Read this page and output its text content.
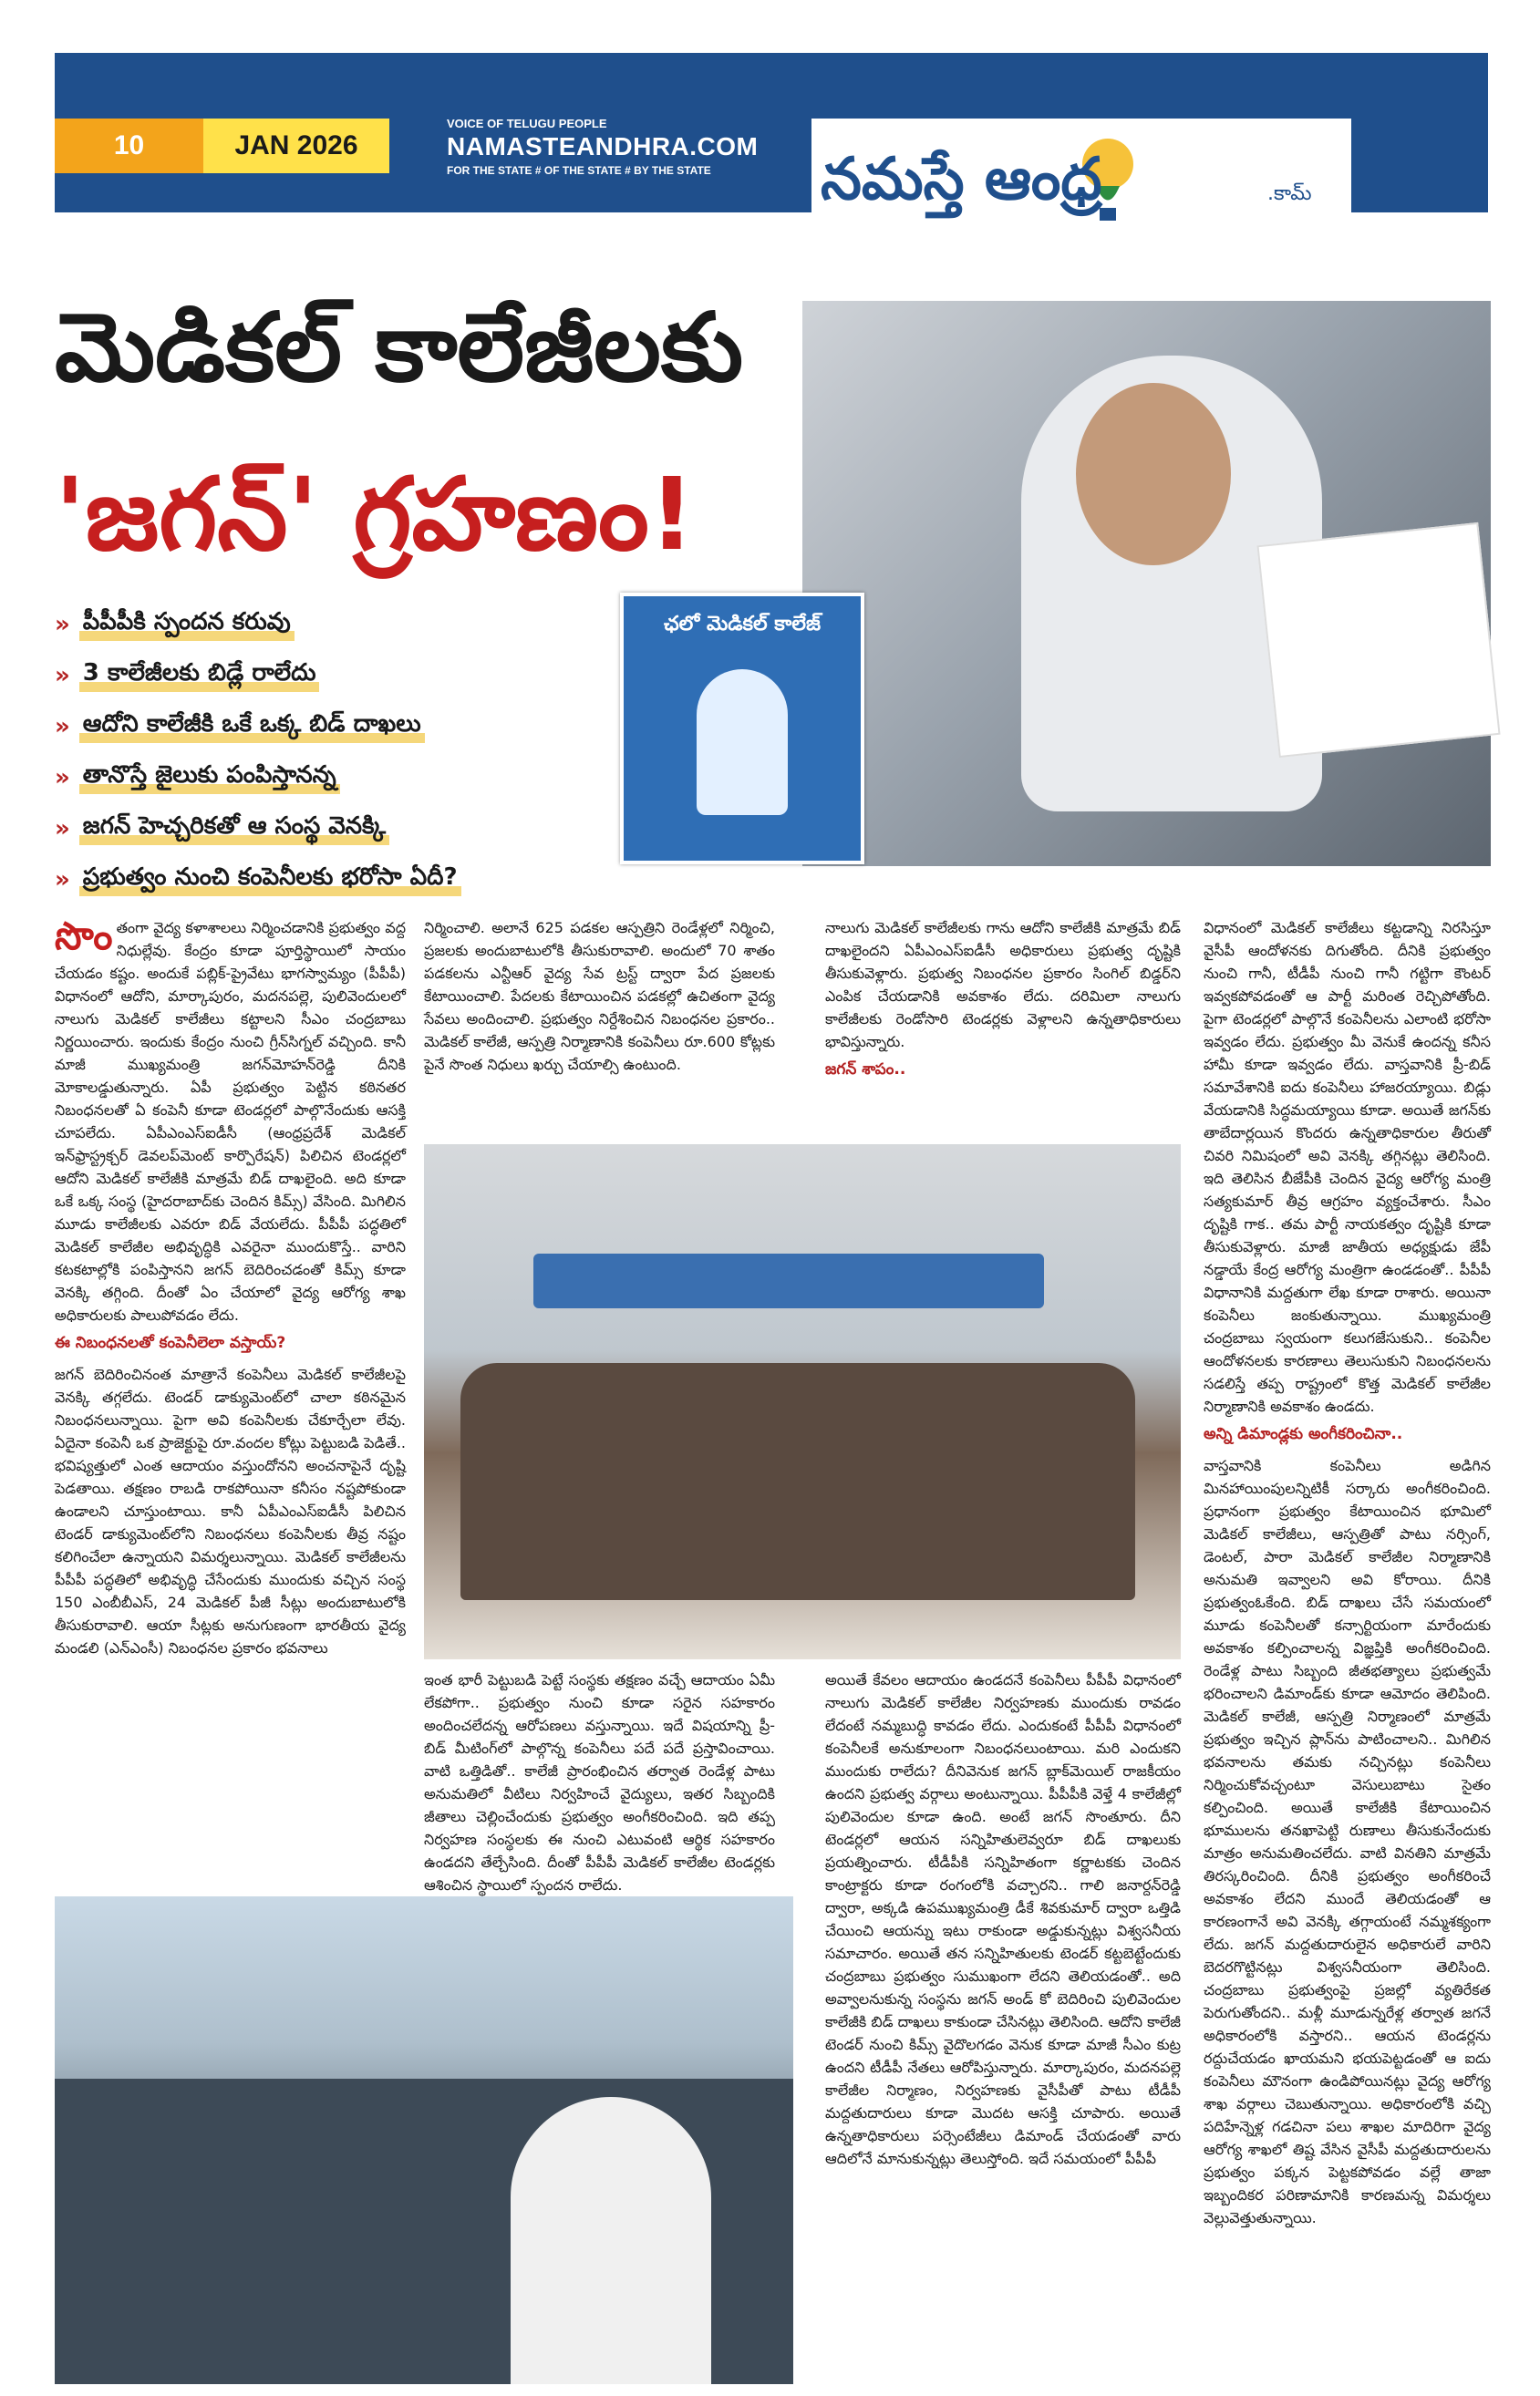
10	JAN 2026
VOICE OF TELUGU PEOPLE
NAMASTEANDHRA.COM
FOR THE STATE # OF THE STATE # BY THE STATE నమస్తే ఆంధ్ర	.కామ్
మెడికల్ కాలేజీలకు
'జగన్' గ్రహణం!
ఛలో మెడికల్ కాలేజ్
» పీపీపీకి స్పందన కరువు
» 3 కాలేజీలకు బిడ్లే రాలేదు
» ఆదోని కాలేజీకి ఒకే ఒక్క బిడ్ దాఖలు
» తానొస్తే జైలుకు పంపిస్తానన్న
» జగన్ హెచ్చరికతో ఆ సంస్థ వెనక్కి
» ప్రభుత్వం నుంచి కంపెనీలకు భరోసా ఏదీ?

సొంతంగా వైద్య కళాశాలలు నిర్మించడానికి ప్రభుత్వం వద్ద నిధుల్లేవు. కేంద్రం కూడా పూర్తిస్థాయిలో సాయం చేయడం కష్టం. అందుకే పబ్లిక్-ప్రైవేటు భాగస్వామ్యం (పీపీపీ) విధానంలో ఆదోని, మార్కాపురం, మదనపల్లె, పులివెందులలో నాలుగు మెడికల్ కాలేజీలు కట్టాలని సీఎం చంద్రబాబు నిర్ణయించారు. ఇందుకు కేంద్రం నుంచి గ్రీన్‌సిగ్నల్ వచ్చింది. కానీ మాజీ ముఖ్యమంత్రి జగన్‌మోహన్‌రెడ్డి దీనికి మోకాలడ్డుతున్నారు. ఏపీ ప్రభుత్వం పెట్టిన కఠినతర నిబంధనలతో ఏ కంపెనీ కూడా టెండర్లలో పాల్గొనేందుకు ఆసక్తి చూపలేదు. ఏపీఎంఎస్ఐడీసీ (ఆంధ్రప్రదేశ్ మెడికల్ ఇన్‌ఫ్రాస్ట్రక్చర్ డెవలప్‌మెంట్ కార్పొరేషన్) పిలిచిన టెండర్లలో ఆదోని మెడికల్ కాలేజీకి మాత్రమే బిడ్ దాఖలైంది. అది కూడా ఒకే ఒక్క సంస్థ (హైదరాబాద్‌కు చెందిన కిమ్స్) వేసింది. మిగిలిన మూడు కాలేజీలకు ఎవరూ బిడ్ వేయలేదు. పీపీపీ పద్ధతిలో మెడికల్ కాలేజీల అభివృద్ధికి ఎవరైనా ముందుకొస్తే.. వారిని కటకటాల్లోకి పంపిస్తానని జగన్ బెదిరించడంతో కిమ్స్ కూడా వెనక్కి తగ్గింది. దీంతో ఏం చేయాలో వైద్య ఆరోగ్య శాఖ అధికారులకు పాలుపోవడం లేదు.

ఈ నిబంధనలతో కంపెనీలెలా వస్తాయ్?

జగన్ బెదిరించినంత మాత్రానే కంపెనీలు మెడికల్ కాలేజీలపై వెనక్కి తగ్గలేదు. టెండర్ డాక్యుమెంట్‌లో చాలా కఠినమైన నిబంధనలున్నాయి. పైగా అవి కంపెనీలకు చేకూర్చేలా లేవు. ఏదైనా కంపెనీ ఒక ప్రాజెక్టుపై రూ.వందల కోట్లు పెట్టుబడి పెడితే.. భవిష్యత్తులో ఎంత ఆదాయం వస్తుందోనని అంచనాపైనే దృష్టి పెడతాయి. తక్షణం రాబడి రాకపోయినా కనీసం నష్టపోకుండా ఉండాలని చూస్తుంటాయి. కానీ ఏపీఎంఎస్ఐడీసీ పిలిచిన టెండర్ డాక్యుమెంట్‌లోని నిబంధనలు కంపెనీలకు తీవ్ర నష్టం కలిగించేలా ఉన్నాయని విమర్శలున్నాయి. మెడికల్ కాలేజీలను పీపీపీ పద్ధతిలో అభివృద్ధి చేసేందుకు ముందుకు వచ్చిన సంస్థ 150 ఎంబీబీఎస్, 24 మెడికల్ పీజీ సీట్లు అందుబాటులోకి తీసుకురావాలి. ఆయా సీట్లకు అనుగుణంగా భారతీయ వైద్య మండలి (ఎన్ఎంసీ) నిబంధనల ప్రకారం భవనాలు

నిర్మించాలి. అలానే 625 పడకల ఆస్పత్రిని రెండేళ్లలో నిర్మించి, ప్రజలకు అందుబాటులోకి తీసుకురావాలి. అందులో 70 శాతం పడకలను ఎన్టీఆర్ వైద్య సేవ ట్రస్ట్ ద్వారా పేద ప్రజలకు కేటాయించాలి. పేదలకు కేటాయించిన పడకల్లో ఉచితంగా వైద్య సేవలు అందించాలి. ప్రభుత్వం నిర్దేశించిన నిబంధనల ప్రకారం.. మెడికల్ కాలేజీ, ఆస్పత్రి నిర్మాణానికి కంపెనీలు రూ.600 కోట్లకు పైనే సొంత నిధులు ఖర్చు చేయాల్సి ఉంటుంది.

నాలుగు మెడికల్ కాలేజీలకు గాను ఆదోని కాలేజీకి మాత్రమే బిడ్ దాఖలైందని ఏపీఎంఎస్ఐడీసీ అధికారులు ప్రభుత్వ దృష్టికి తీసుకువెళ్లారు. ప్రభుత్వ నిబంధనల ప్రకారం సింగిల్ బిడ్డర్‌ని ఎంపిక చేయడానికి అవకాశం లేదు. దరిమిలా నాలుగు కాలేజీలకు రెండోసారి టెండర్లకు వెళ్లాలని ఉన్నతాధికారులు భావిస్తున్నారు.

జగన్ శాపం..

ఇంత భారీ పెట్టుబడి పెట్టే సంస్థకు తక్షణం వచ్చే ఆదాయం ఏమీ లేకపోగా.. ప్రభుత్వం నుంచి కూడా సరైన సహకారం అందించలేదన్న ఆరోపణలు వస్తున్నాయి. ఇదే విషయాన్ని ప్రీ-బిడ్ మీటింగ్‌లో పాల్గొన్న కంపెనీలు పదే పదే ప్రస్తావించాయి. వాటి ఒత్తిడితో.. కాలేజీ ప్రారంభించిన తర్వాత రెండేళ్ల పాటు అనుమతిలో వీటిలు నిర్వహించే వైద్యులు, ఇతర సిబ్బందికి జీతాలు చెల్లించేందుకు ప్రభుత్వం అంగీకరించింది. ఇది తప్ప నిర్వహణ సంస్థలకు ఈ నుంచి ఎటువంటి ఆర్థిక సహకారం ఉండదని తేల్చేసింది. దీంతో పీపీపీ మెడికల్ కాలేజీల టెండర్లకు ఆశించిన స్థాయిలో స్పందన రాలేదు.

అయితే కేవలం ఆదాయం ఉండదనే కంపెనీలు పీపీపీ విధానంలో నాలుగు మెడికల్ కాలేజీల నిర్వహణకు ముందుకు రావడం లేదంటే నమ్మబుద్ధి కావడం లేదు. ఎందుకంటే పీపీపీ విధానంలో కంపెనీలకే అనుకూలంగా నిబంధనలుంటాయి. మరి ఎందుకని ముందుకు రాలేదు? దీనివెనుక జగన్ బ్లాక్‌మెయిల్ రాజకీయం ఉందని ప్రభుత్వ వర్గాలు అంటున్నాయి. పీపీపీకి వెళ్తే 4 కాలేజీల్లో పులివెందుల కూడా ఉంది. అంటే జగన్ సొంతూరు. దీని టెండర్లలో ఆయన సన్నిహితులెవ్వరూ బిడ్ దాఖలుకు ప్రయత్నించారు. టీడీపీకి సన్నిహితంగా కర్ణాటకకు చెందిన కాంట్రాక్టరు కూడా రంగంలోకి వచ్చారని.. గాలి జనార్దన్‌రెడ్డి ద్వారా, అక్కడి ఉపముఖ్యమంత్రి డీకే శివకుమార్ ద్వారా ఒత్తిడి చేయించి ఆయన్ను ఇటు రాకుండా అడ్డుకున్నట్లు విశ్వసనీయ సమాచారం. అయితే తన సన్నిహితులకు టెండర్ కట్టబెట్టేందుకు చంద్రబాబు ప్రభుత్వం సుముఖంగా లేదని తెలియడంతో.. అది అవ్వాలనుకున్న సంస్థను జగన్ అండ్ కో బెదిరించి పులివెందుల కాలేజీకి బిడ్ దాఖలు కాకుండా చేసినట్లు తెలిసింది. ఆదోని కాలేజీ టెండర్ నుంచి కిమ్స్ వైదొలగడం వెనుక కూడా మాజీ సీఎం కుట్ర ఉందని టీడీపీ నేతలు ఆరోపిస్తున్నారు. మార్కాపురం, మదనపల్లె కాలేజీల నిర్మాణం, నిర్వహణకు వైసీపీతో పాటు టీడీపీ మద్దతుదారులు కూడా మొదట ఆసక్తి చూపారు. అయితే ఉన్నతాధికారులు పర్సెంటేజీలు డిమాండ్ చేయడంతో వారు ఆదిలోనే మానుకున్నట్లు తెలుస్తోంది. ఇదే సమయంలో పీపీపీ

విధానంలో మెడికల్ కాలేజీలు కట్టడాన్ని నిరసిస్తూ వైసీపీ ఆందోళనకు దిగుతోంది. దీనికి ప్రభుత్వం నుంచి గానీ, టీడీపీ నుంచి గానీ గట్టిగా కౌంటర్ ఇవ్వకపోవడంతో ఆ పార్టీ మరింత రెచ్చిపోతోంది. పైగా టెండర్లలో పాల్గొనే కంపెనీలను ఎలాంటి భరోసా ఇవ్వడం లేదు. ప్రభుత్వం మీ వెనుకే ఉందన్న కనీస హామీ కూడా ఇవ్వడం లేదు. వాస్తవానికి ప్రీ-బిడ్ సమావేశానికి ఐదు కంపెనీలు హాజరయ్యాయి. బిడ్లు వేయడానికి సిద్ధమయ్యాయి కూడా. అయితే జగన్‌కు తాబేదార్లయిన కొందరు ఉన్నతాధికారుల తీరుతో చివరి నిమిషంలో అవి వెనక్కి తగ్గినట్లు తెలిసింది. ఇది తెలిసిన బీజేపీకి చెందిన వైద్య ఆరోగ్య మంత్రి సత్యకుమార్ తీవ్ర ఆగ్రహం వ్యక్తంచేశారు. సీఎం దృష్టికి గాక.. తమ పార్టీ నాయకత్వం దృష్టికి కూడా తీసుకువెళ్లారు. మాజీ జాతీయ అధ్యక్షుడు జేపీ నడ్డాయే కేంద్ర ఆరోగ్య మంత్రిగా ఉండడంతో.. పీపీపీ విధానానికి మద్దతుగా లేఖ కూడా రాశారు. అయినా కంపెనీలు జంకుతున్నాయి. ముఖ్యమంత్రి చంద్రబాబు స్వయంగా కలుగజేసుకుని.. కంపెనీల ఆందోళనలకు కారణాలు తెలుసుకుని నిబంధనలను సడలిస్తే తప్ప రాష్ట్రంలో కొత్త మెడికల్ కాలేజీల నిర్మాణానికి అవకాశం ఉండదు.

అన్ని డిమాండ్లకు అంగీకరించినా..

వాస్తవానికి కంపెనీలు అడిగిన మినహాయింపులన్నిటికీ సర్కారు అంగీకరించింది. ప్రధానంగా ప్రభుత్వం కేటాయించిన భూమిలో మెడికల్ కాలేజీలు, ఆస్పత్రితో పాటు నర్సింగ్, డెంటల్, పారా మెడికల్ కాలేజీల నిర్మాణానికి అనుమతి ఇవ్వాలని అవి కోరాయి. దీనికి ప్రభుత్వంఓకేంది. బిడ్ దాఖలు చేసే సమయంలో మూడు కంపెనీలతో కన్సార్టియంగా మారేందుకు అవకాశం కల్పించాలన్న విజ్ఞప్తికి అంగీకరించింది. రెండేళ్ల పాటు సిబ్బంది జీతభత్యాలు ప్రభుత్వమే భరించాలని డిమాండ్‌కు కూడా ఆమోదం తెలిపింది. మెడికల్ కాలేజీ, ఆస్పత్రి నిర్మాణంలో మాత్రమే ప్రభుత్వం ఇచ్చిన ప్లాన్‌ను పాటించాలని.. మిగిలిన భవనాలను తమకు నచ్చినట్లు కంపెనీలు నిర్మించుకోవచ్చంటూ వెసులుబాటు సైతం కల్పించింది. అయితే కాలేజీకి కేటాయించిన భూములను తనఖాపెట్టి రుణాలు తీసుకునేందుకు మాత్రం అనుమతించలేదు. వాటి వినతిని మాత్రమే తిరస్కరించింది. దీనికి ప్రభుత్వం అంగీకరించే అవకాశం లేదని ముందే తెలియడంతో ఆ కారణంగానే అవి వెనక్కి తగ్గాయంటే నమ్మశక్యంగా లేదు. జగన్ మద్దతుదారులైన అధికారులే వారిని బెదరగొట్టినట్లు విశ్వసనీయంగా తెలిసింది. చంద్రబాబు ప్రభుత్వంపై ప్రజల్లో వ్యతిరేకత పెరుగుతోందని.. మళ్లీ మూడున్నరేళ్ల తర్వాత జగనే అధికారంలోకి వస్తారని.. ఆయన టెండర్లను రద్దుచేయడం ఖాయమని భయపెట్టడంతో ఆ ఐదు కంపెనీలు మౌనంగా ఉండిపోయినట్లు వైద్య ఆరోగ్య శాఖ వర్గాలు చెబుతున్నాయి. అధికారంలోకి వచ్చి పదిహేన్నెళ్ల గడచినా పలు శాఖల మాదిరిగా వైద్య ఆరోగ్య శాఖలో తిష్ట వేసిన వైసీపీ మద్దతుదారులను ప్రభుత్వం పక్కన పెట్టకపోవడం వల్లే తాజా ఇబ్బందికర పరిణామానికి కారణమన్న విమర్శలు వెల్లువెత్తుతున్నాయి.
